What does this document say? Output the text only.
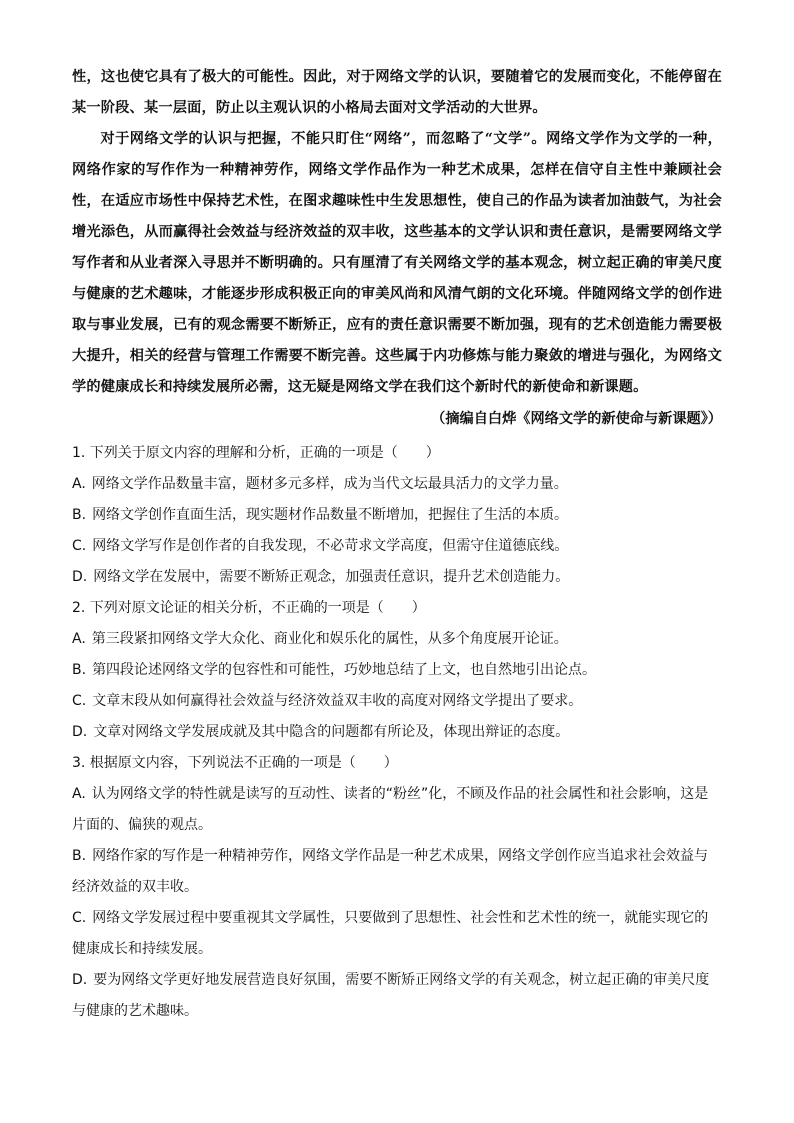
性，这也使它具有了极大的可能性。因此，对于网络文学的认识，要随着它的发展而变化，不能停留在某一阶段、某一层面，防止以主观认识的小格局去面对文学活动的大世界。

对于网络文学的认识与把握，不能只盯住“网络”，而忽略了“文学”。网络文学作为文学的一种，网络作家的写作作为一种精神劳作，网络文学作品作为一种艺术成果，怎样在信守自主性中兼顾社会性，在适应市场性中保持艺术性，在图求趣味性中生发思想性，使自己的作品为读者加油鼓气，为社会增光添色，从而赢得社会效益与经济效益的双丰收，这些基本的文学认识和责任意识，是需要网络文学写作者和从业者深入寻思并不断明确的。只有厘清了有关网络文学的基本观念，树立起正确的审美尺度与健康的艺术趣味，才能逐步形成积极正向的审美风尚和风清气朗的文化环境。伴随网络文学的创作进取与事业发展，已有的观念需要不断矫正，应有的责任意识需要不断加强，现有的艺术创造能力需要极大提升，相关的经营与管理工作需要不断完善。这些属于内功修炼与能力聚敛的增进与强化，为网络文学的健康成长和持续发展所必需，这无疑是网络文学在我们这个新时代的新使命和新课题。

（摘编自白烨《网络文学的新使命与新课题》）

1. 下列关于原文内容的理解和分析，正确的一项是（　　）

A. 网络文学作品数量丰富，题材多元多样，成为当代文坛最具活力的文学力量。

B. 网络文学创作直面生活，现实题材作品数量不断增加，把握住了生活的本质。

C. 网络文学写作是创作者的自我发现，不必苛求文学高度，但需守住道德底线。

D. 网络文学在发展中，需要不断矫正观念，加强责任意识，提升艺术创造能力。

2. 下列对原文论证的相关分析，不正确的一项是（　　）

A. 第三段紧扣网络文学大众化、商业化和娱乐化的属性，从多个角度展开论证。

B. 第四段论述网络文学的包容性和可能性，巧妙地总结了上文，也自然地引出论点。

C. 文章末段从如何赢得社会效益与经济效益双丰收的高度对网络文学提出了要求。

D. 文章对网络文学发展成就及其中隐含的问题都有所论及，体现出辩证的态度。

3. 根据原文内容，下列说法不正确的一项是（　　）

A. 认为网络文学的特性就是读写的互动性、读者的“粉丝”化，不顾及作品的社会属性和社会影响，这是片面的、偏狭的观点。

B. 网络作家的写作是一种精神劳作，网络文学作品是一种艺术成果，网络文学创作应当追求社会效益与经济效益的双丰收。

C. 网络文学发展过程中要重视其文学属性，只要做到了思想性、社会性和艺术性的统一，就能实现它的健康成长和持续发展。

D. 要为网络文学更好地发展营造良好氛围，需要不断矫正网络文学的有关观念，树立起正确的审美尺度与健康的艺术趣味。
